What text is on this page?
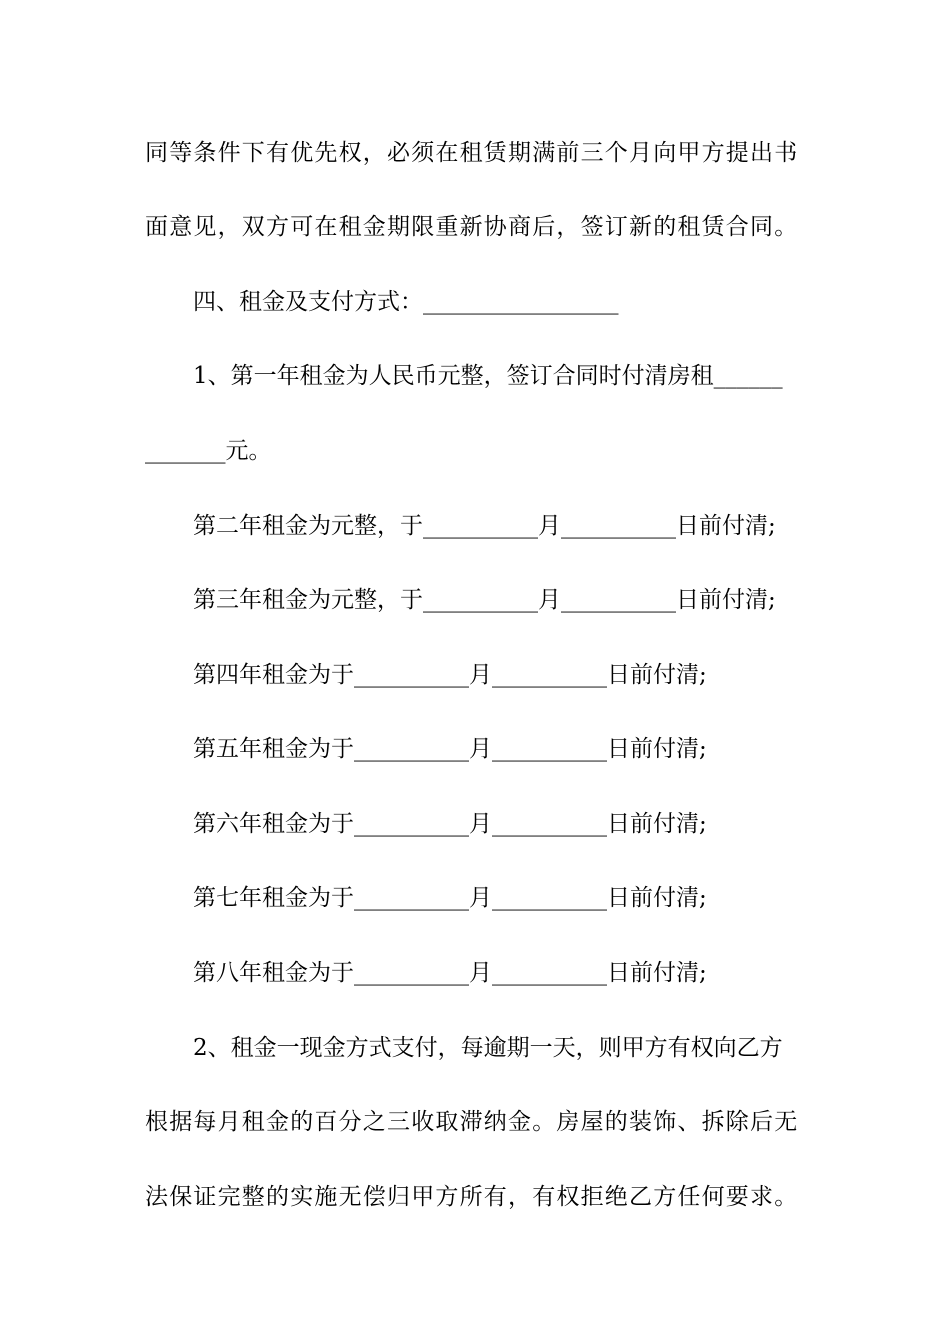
同等条件下有优先权，必须在租赁期满前三个月向甲方提出书
面意见，双方可在租金期限重新协商后，签订新的租赁合同。
四、租金及支付方式：_________________
1、第一年租金为人民币元整，签订合同时付清房租______
_______元。
第二年租金为元整，于__________月__________日前付清;
第三年租金为元整，于__________月__________日前付清;
第四年租金为于__________月__________日前付清;
第五年租金为于__________月__________日前付清;
第六年租金为于__________月__________日前付清;
第七年租金为于__________月__________日前付清;
第八年租金为于__________月__________日前付清;
2、租金一现金方式支付，每逾期一天，则甲方有权向乙方
根据每月租金的百分之三收取滞纳金。房屋的装饰、拆除后无
法保证完整的实施无偿归甲方所有，有权拒绝乙方任何要求。
